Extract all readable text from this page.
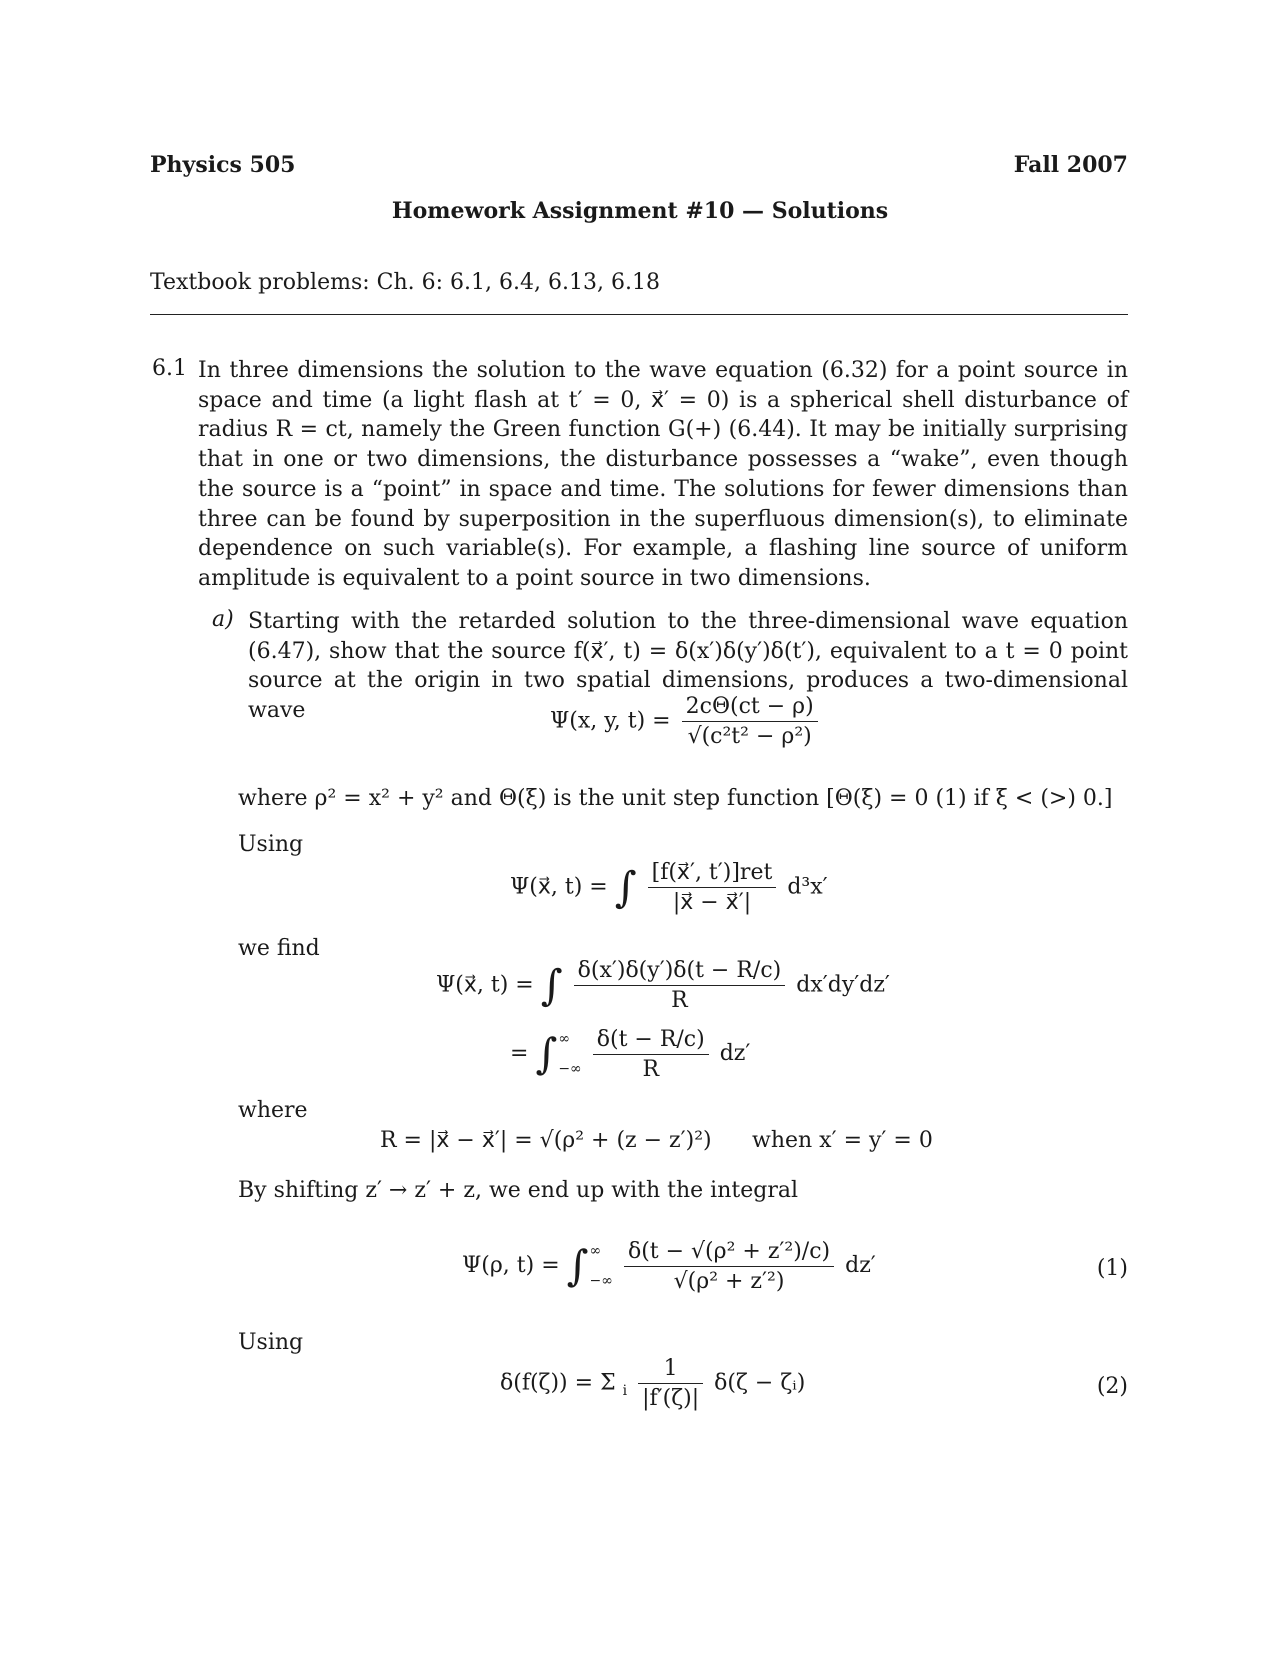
Physics 505	Fall 2007
Homework Assignment #10 — Solutions
Textbook problems: Ch. 6: 6.1, 6.4, 6.13, 6.18
6.1 In three dimensions the solution to the wave equation (6.32) for a point source in space and time (a light flash at t′ = 0, x⃗′ = 0) is a spherical shell disturbance of radius R = ct, namely the Green function G(+) (6.44). It may be initially surprising that in one or two dimensions, the disturbance possesses a “wake”, even though the source is a “point” in space and time. The solutions for fewer dimensions than three can be found by superposition in the superfluous dimension(s), to eliminate dependence on such variable(s). For example, a flashing line source of uniform amplitude is equivalent to a point source in two dimensions.
a) Starting with the retarded solution to the three-dimensional wave equation (6.47), show that the source f(x⃗′, t) = δ(x′)δ(y′)δ(t′), equivalent to a t = 0 point source at the origin in two spatial dimensions, produces a two-dimensional wave	Ψ(x, y, $t) = \frac{2c\Theta(ct - \rho)}{\text{√(c²t² − ρ²)}}$
where ρ² = x² + y² and Θ(ξ) is the unit step function [Θ(ξ) = 0 (1) if ξ < (>) 0.]
Using
Ψ(x⃗, t) = ∫ $\frac{\text{[f(x⃗′, t′)]ret}}{|x⃗ - x⃗'|} d^3x'$
we find
Ψ(x⃗, t) = ∫ $\frac{\delta(x')\delta(y')\delta(t - R/c)}{R} dx'dy'dz'$
= ∫ ∞
−∞
$\frac{\delta(t - R/c)}{R} dz'$
where
R = |x⃗ − x⃗′| = √(ρ² + (z − z′)²) when x′ = y′ = 0
By shifting z′ → z′ + z, we end up with the integral
Ψ(ρ, t) = ∫ ∞
−∞
$\frac{\text{δ(t − √(ρ² + z′²)/c)}}{\text{√(ρ² + z′²)}} dz'$	(1)
Using
δ(f(ζ)) = Σ $_i \frac{1}{|f'(\zeta)|} \delta(\zeta$ − ζᵢ)	(2)
